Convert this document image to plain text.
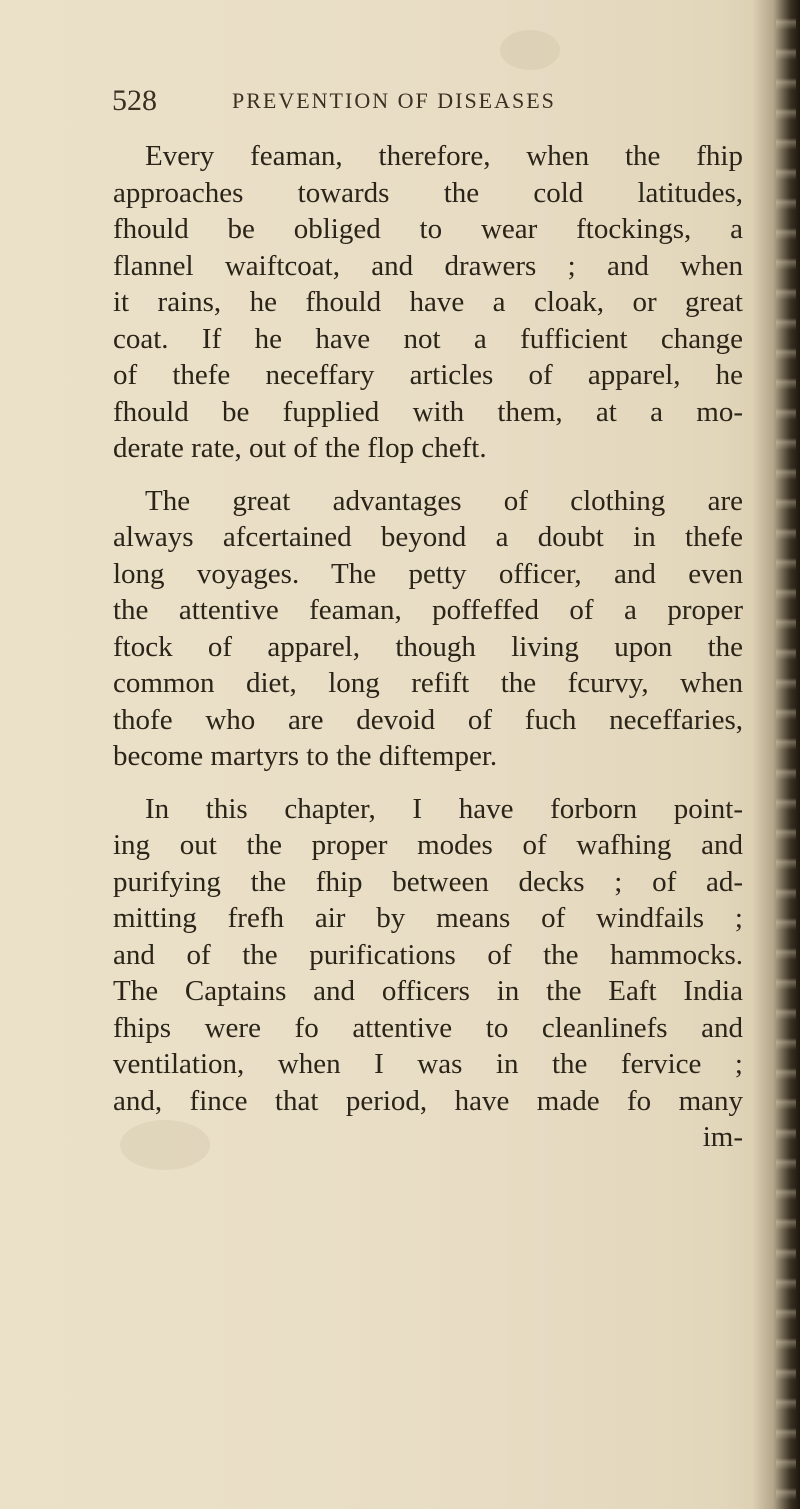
528	PREVENTION OF DISEASES
Every feaman, therefore, when the fhip
approaches towards the cold latitudes,
fhould be obliged to wear ftockings, a
flannel waiftcoat, and drawers ; and when
it rains, he fhould have a cloak, or great
coat. If he have not a fufficient change
of thefe neceffary articles of apparel, he
fhould be fupplied with them, at a mo-
derate rate, out of the flop cheft.
The great advantages of clothing are
always afcertained beyond a doubt in thefe
long voyages. The petty officer, and even
the attentive feaman, poffeffed of a proper
ftock of apparel, though living upon the
common diet, long refift the fcurvy, when
thofe who are devoid of fuch neceffaries,
become martyrs to the diftemper.
In this chapter, I have forborn point-
ing out the proper modes of wafhing and
purifying the fhip between decks ; of ad-
mitting frefh air by means of windfails ;
and of the purifications of the hammocks.
The Captains and officers in the Eaft India
fhips were fo attentive to cleanlinefs and
ventilation, when I was in the fervice ;
and, fince that period, have made fo many
im-
